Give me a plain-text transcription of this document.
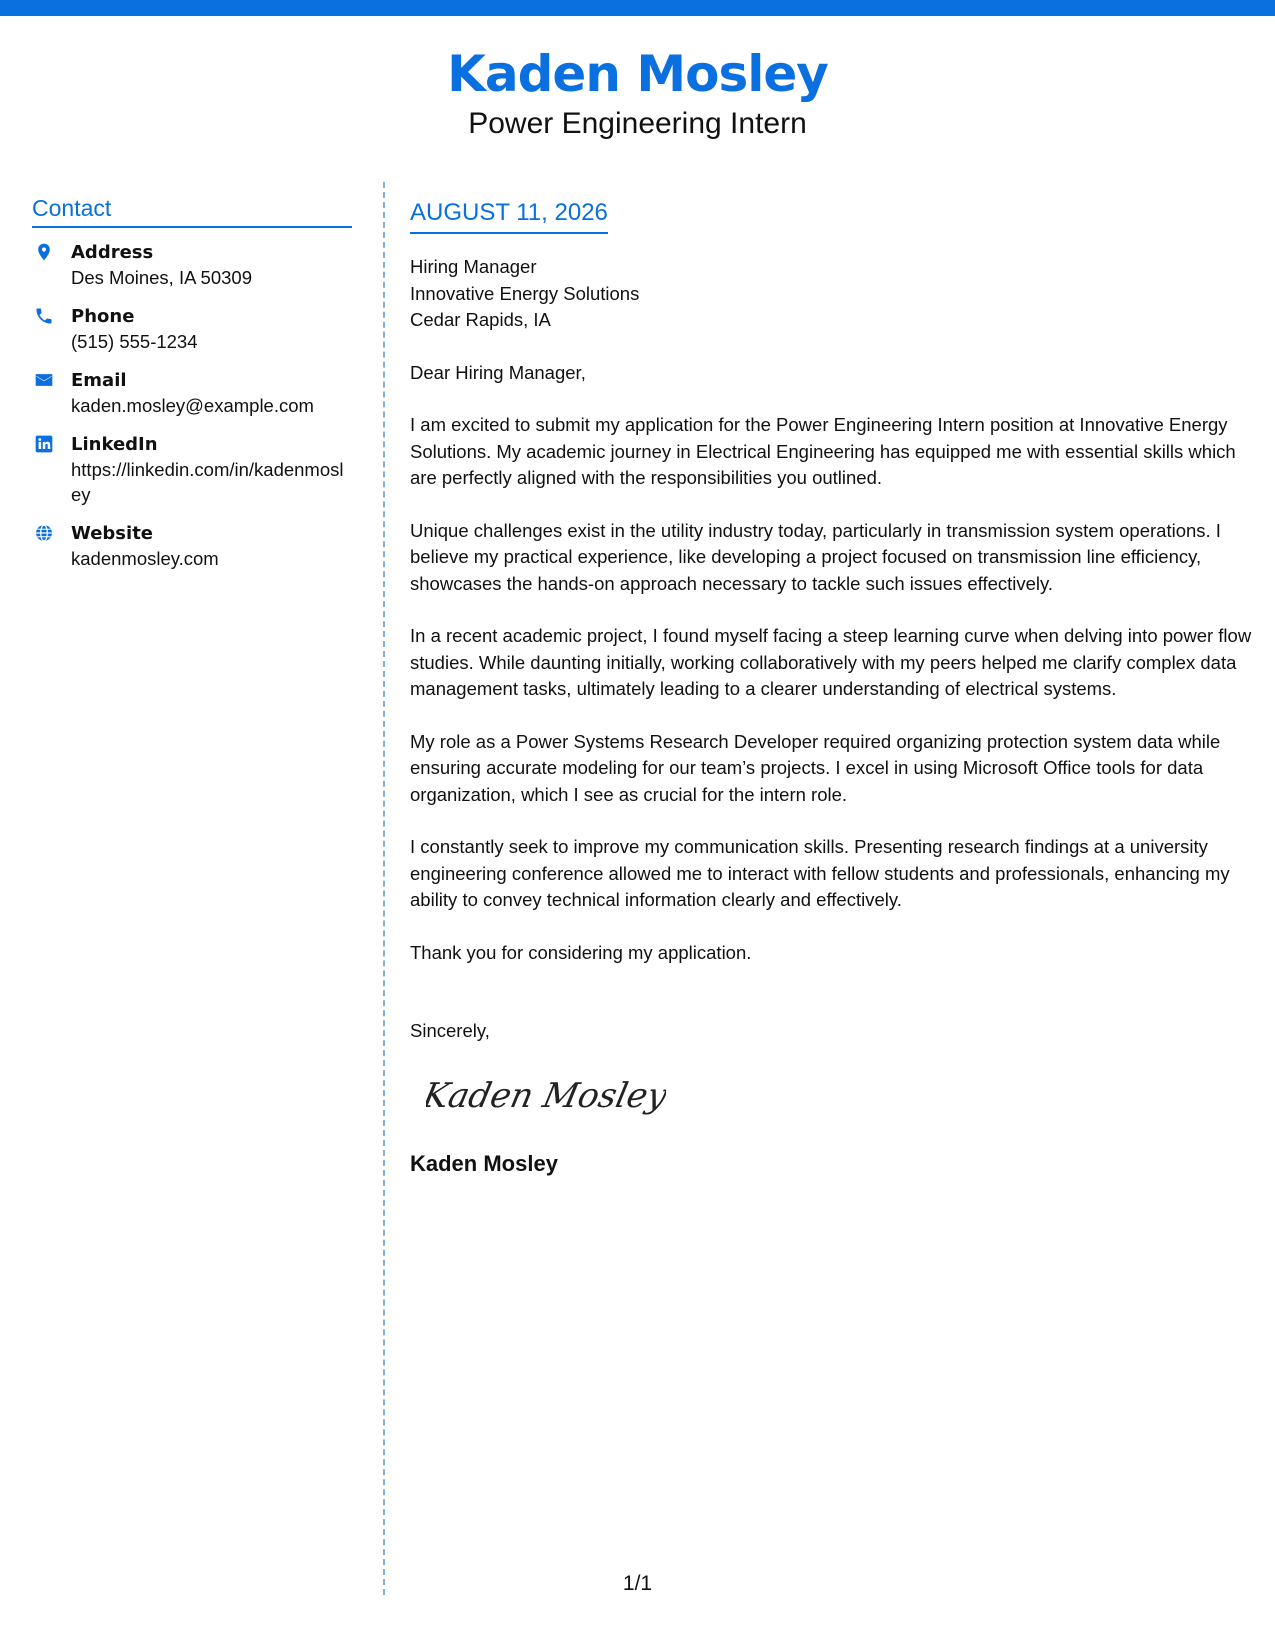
Kaden Mosley
Power Engineering Intern
Contact
Address
Des Moines, IA 50309
Phone
(515) 555-1234
Email
kaden.mosley@example.com
LinkedIn
https://linkedin.com/in/kadenmosley
Website
kadenmosley.com
AUGUST 11, 2026
Hiring Manager
Innovative Energy Solutions
Cedar Rapids, IA
Dear Hiring Manager,

I am excited to submit my application for the Power Engineering Intern position at Innovative Energy Solutions. My academic journey in Electrical Engineering has equipped me with essential skills which are perfectly aligned with the responsibilities you outlined.

Unique challenges exist in the utility industry today, particularly in transmission system operations. I believe my practical experience, like developing a project focused on transmission line efficiency, showcases the hands-on approach necessary to tackle such issues effectively.

In a recent academic project, I found myself facing a steep learning curve when delving into power flow studies. While daunting initially, working collaboratively with my peers helped me clarify complex data management tasks, ultimately leading to a clearer understanding of electrical systems.

My role as a Power Systems Research Developer required organizing protection system data while ensuring accurate modeling for our team’s projects. I excel in using Microsoft Office tools for data organization, which I see as crucial for the intern role.

I constantly seek to improve my communication skills. Presenting research findings at a university engineering conference allowed me to interact with fellow students and professionals, enhancing my ability to convey technical information clearly and effectively.

Thank you for considering my application.
Sincerely,
Kaden Mosley
Kaden Mosley
1/1
